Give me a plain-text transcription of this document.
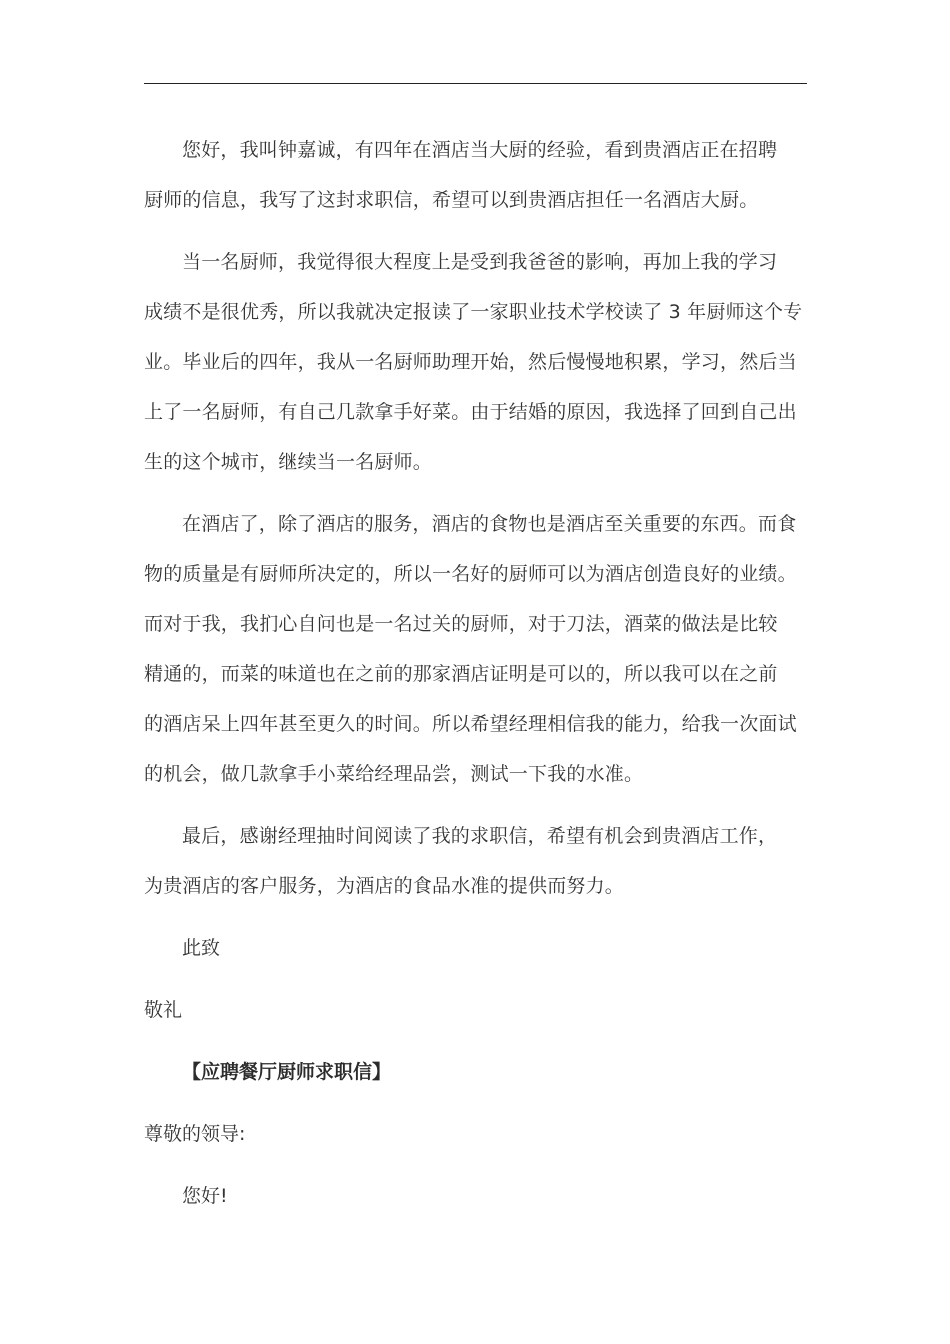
您好，我叫钟嘉诚，有四年在酒店当大厨的经验，看到贵酒店正在招聘
厨师的信息，我写了这封求职信，希望可以到贵酒店担任一名酒店大厨。

当一名厨师，我觉得很大程度上是受到我爸爸的影响，再加上我的学习
成绩不是很优秀，所以我就决定报读了一家职业技术学校读了 3 年厨师这个专
业。毕业后的四年，我从一名厨师助理开始，然后慢慢地积累，学习，然后当
上了一名厨师，有自己几款拿手好菜。由于结婚的原因，我选择了回到自己出
生的这个城市，继续当一名厨师。

在酒店了，除了酒店的服务，酒店的食物也是酒店至关重要的东西。而食
物的质量是有厨师所决定的，所以一名好的厨师可以为酒店创造良好的业绩。
而对于我，我扪心自问也是一名过关的厨师，对于刀法，酒菜的做法是比较
精通的，而菜的味道也在之前的那家酒店证明是可以的，所以我可以在之前
的酒店呆上四年甚至更久的时间。所以希望经理相信我的能力，给我一次面试
的机会，做几款拿手小菜给经理品尝，测试一下我的水准。

最后，感谢经理抽时间阅读了我的求职信，希望有机会到贵酒店工作，
为贵酒店的客户服务，为酒店的食品水准的提供而努力。

此致

敬礼

【应聘餐厅厨师求职信】

尊敬的领导:

您好!
